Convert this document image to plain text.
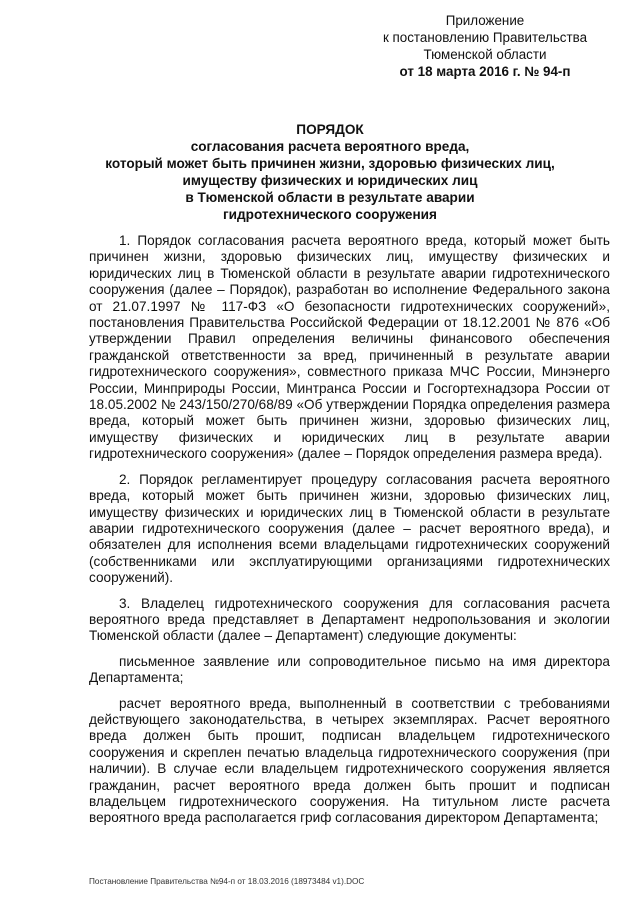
Приложение
к постановлению Правительства
Тюменской области
от 18 марта 2016 г. № 94-п
ПОРЯДОК
согласования расчета вероятного вреда,
который может быть причинен жизни, здоровью физических лиц,
имуществу физических и юридических лиц
в Тюменской области в результате аварии
гидротехнического сооружения

1. Порядок согласования расчета вероятного вреда, который может быть причинен жизни, здоровью физических лиц, имуществу физических и юридических лиц в Тюменской области в результате аварии гидротехнического сооружения (далее – Порядок), разработан во исполнение Федерального закона от 21.07.1997 № 117-ФЗ «О безопасности гидротехнических сооружений», постановления Правительства Российской Федерации от 18.12.2001 № 876 «Об утверждении Правил определения величины финансового обеспечения гражданской ответственности за вред, причиненный в результате аварии гидротехнического сооружения», совместного приказа МЧС России, Минэнерго России, Минприроды России, Минтранса России и Госгортехнадзора России от 18.05.2002 № 243/150/270/68/89 «Об утверждении Порядка определения размера вреда, который может быть причинен жизни, здоровью физических лиц, имуществу физических и юридических лиц в результате аварии гидротехнического сооружения» (далее – Порядок определения размера вреда).

2. Порядок регламентирует процедуру согласования расчета вероятного вреда, который может быть причинен жизни, здоровью физических лиц, имуществу физических и юридических лиц в Тюменской области в результате аварии гидротехнического сооружения (далее – расчет вероятного вреда), и обязателен для исполнения всеми владельцами гидротехнических сооружений (собственниками или эксплуатирующими организациями гидротехнических сооружений).

3. Владелец гидротехнического сооружения для согласования расчета вероятного вреда представляет в Департамент недропользования и экологии Тюменской области (далее – Департамент) следующие документы:

письменное заявление или сопроводительное письмо на имя директора Департамента;

расчет вероятного вреда, выполненный в соответствии с требованиями действующего законодательства, в четырех экземплярах. Расчет вероятного вреда должен быть прошит, подписан владельцем гидротехнического сооружения и скреплен печатью владельца гидротехнического сооружения (при наличии). В случае если владельцем гидротехнического сооружения является гражданин, расчет вероятного вреда должен быть прошит и подписан владельцем гидротехнического сооружения. На титульном листе расчета вероятного вреда располагается гриф согласования директором Департамента;

Постановление Правительства №94-п от 18.03.2016 (18973484 v1).DOC
